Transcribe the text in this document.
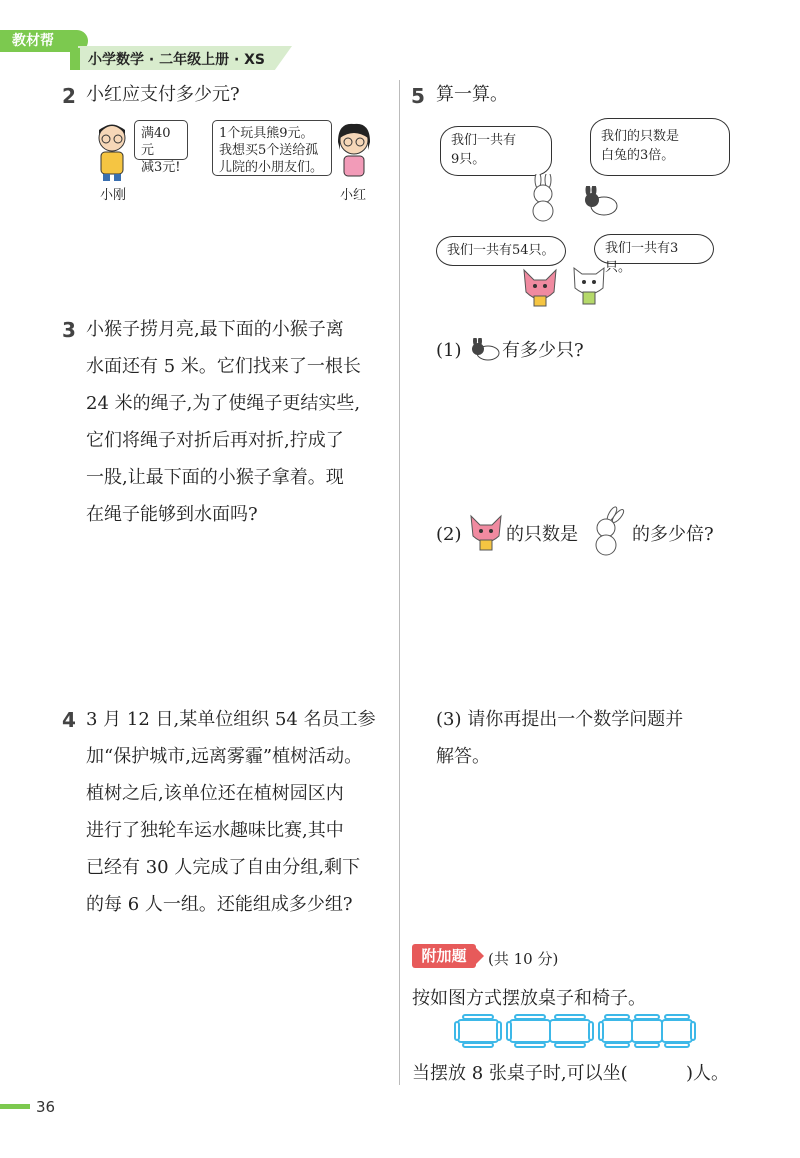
教材帮
小学数学 · 二年级上册 · XS
2 小红应支付多少元?
满40元
减3元!
小刚
1个玩具熊9元。
我想买5个送给孤
儿院的小朋友们。
小红
3 小猴子捞月亮,最下面的小猴子离
水面还有 5 米。它们找来了一根长
24 米的绳子,为了使绳子更结实些,
它们将绳子对折后再对折,拧成了
一股,让最下面的小猴子拿着。现
在绳子能够到水面吗?
4 3 月 12 日,某单位组织 54 名员工参
加“保护城市,远离雾霾”植树活动。
植树之后,该单位还在植树园区内
进行了独轮车运水趣味比赛,其中
已经有 30 人完成了自由分组,剩下
的每 6 人一组。还能组成多少组?
5 算一算。
我们一共有
9只。
我们的只数是
白兔的3倍。
我们一共有54只。	我们一共有3只。
(1) 有多少只?
(2) 的只数是	的多少倍?
(3) 请你再提出一个数学问题并
解答。
附加题	(共 10 分)
按如图方式摆放桌子和椅子。
当摆放 8 张桌子时,可以坐(	)人。
36
